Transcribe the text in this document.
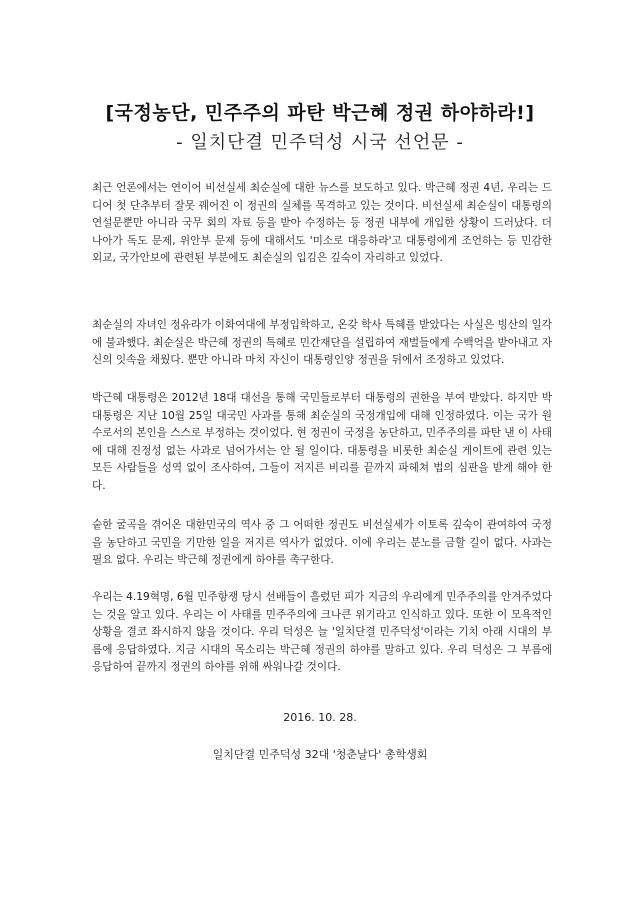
[국정농단, 민주주의 파탄 박근혜 정권 하야하라!]
- 일치단결 민주덕성 시국 선언문 -
최근 언론에서는 연이어 비선실세 최순실에 대한 뉴스를 보도하고 있다. 박근혜 정권 4년, 우리는 드디어 첫 단추부터 잘못 꿰어진 이 정권의 실체를 목격하고 있는 것이다. 비선실세 최순실이 대통령의 연설문뿐만 아니라 국무 회의 자료 등을 받아 수정하는 등 정권 내부에 개입한 상황이 드러났다. 더 나아가 독도 문제, 위안부 문제 등에 대해서도 '미소로 대응하라'고 대통령에게 조언하는 등 민감한 외교, 국가안보에 관련된 부분에도 최순실의 입김은 깊숙이 자리하고 있었다.
최순실의 자녀인 정유라가 이화여대에 부정입학하고, 온갖 학사 특혜를 받았다는 사실은 빙산의 일각에 불과했다. 최순실은 박근혜 정권의 특혜로 민간재단을 설립하여 재벌들에게 수백억을 받아내고 자신의 잇속을 채웠다. 뿐만 아니라 마치 자신이 대통령인양 정권을 뒤에서 조정하고 있었다.
박근혜 대통령은 2012년 18대 대선을 통해 국민들로부터 대통령의 권한을 부여 받았다. 하지만 박 대통령은 지난 10월 25일 대국민 사과를 통해 최순실의 국정개입에 대해 인정하였다. 이는 국가 원수로서의 본인을 스스로 부정하는 것이었다. 현 정권이 국정을 농단하고, 민주주의를 파탄 낸 이 사태에 대해 진정성 없는 사과로 넘어가서는 안 될 일이다. 대통령을 비롯한 최순실 게이트에 관련 있는 모든 사람들을 성역 없이 조사하여, 그들이 저지른 비리를 끝까지 파헤쳐 법의 심판을 받게 해야 한다.
숱한 굴곡을 겪어온 대한민국의 역사 중 그 어떠한 정권도 비선실세가 이토록 깊숙이 관여하여 국정을 농단하고 국민을 기만한 일을 저지른 역사가 없었다. 이에 우리는 분노를 금할 길이 없다. 사과는 필요 없다. 우리는 박근혜 정권에게 하야를 촉구한다.
우리는 4.19혁명, 6월 민주항쟁 당시 선배들이 흘렸던 피가 지금의 우리에게 민주주의를 안겨주었다는 것을 알고 있다. 우리는 이 사태를 민주주의에 크나큰 위기라고 인식하고 있다. 또한 이 모욕적인 상황을 결코 좌시하지 않을 것이다. 우리 덕성은 늘 '일치단결 민주덕성'이라는 기치 아래 시대의 부름에 응답하였다. 지금 시대의 목소리는 박근혜 정권의 하야를 말하고 있다. 우리 덕성은 그 부름에 응답하여 끝까지 정권의 하야를 위해 싸워나갈 것이다.
2016. 10. 28.
일치단결 민주덕성 32대 '청춘날다' 총학생회
